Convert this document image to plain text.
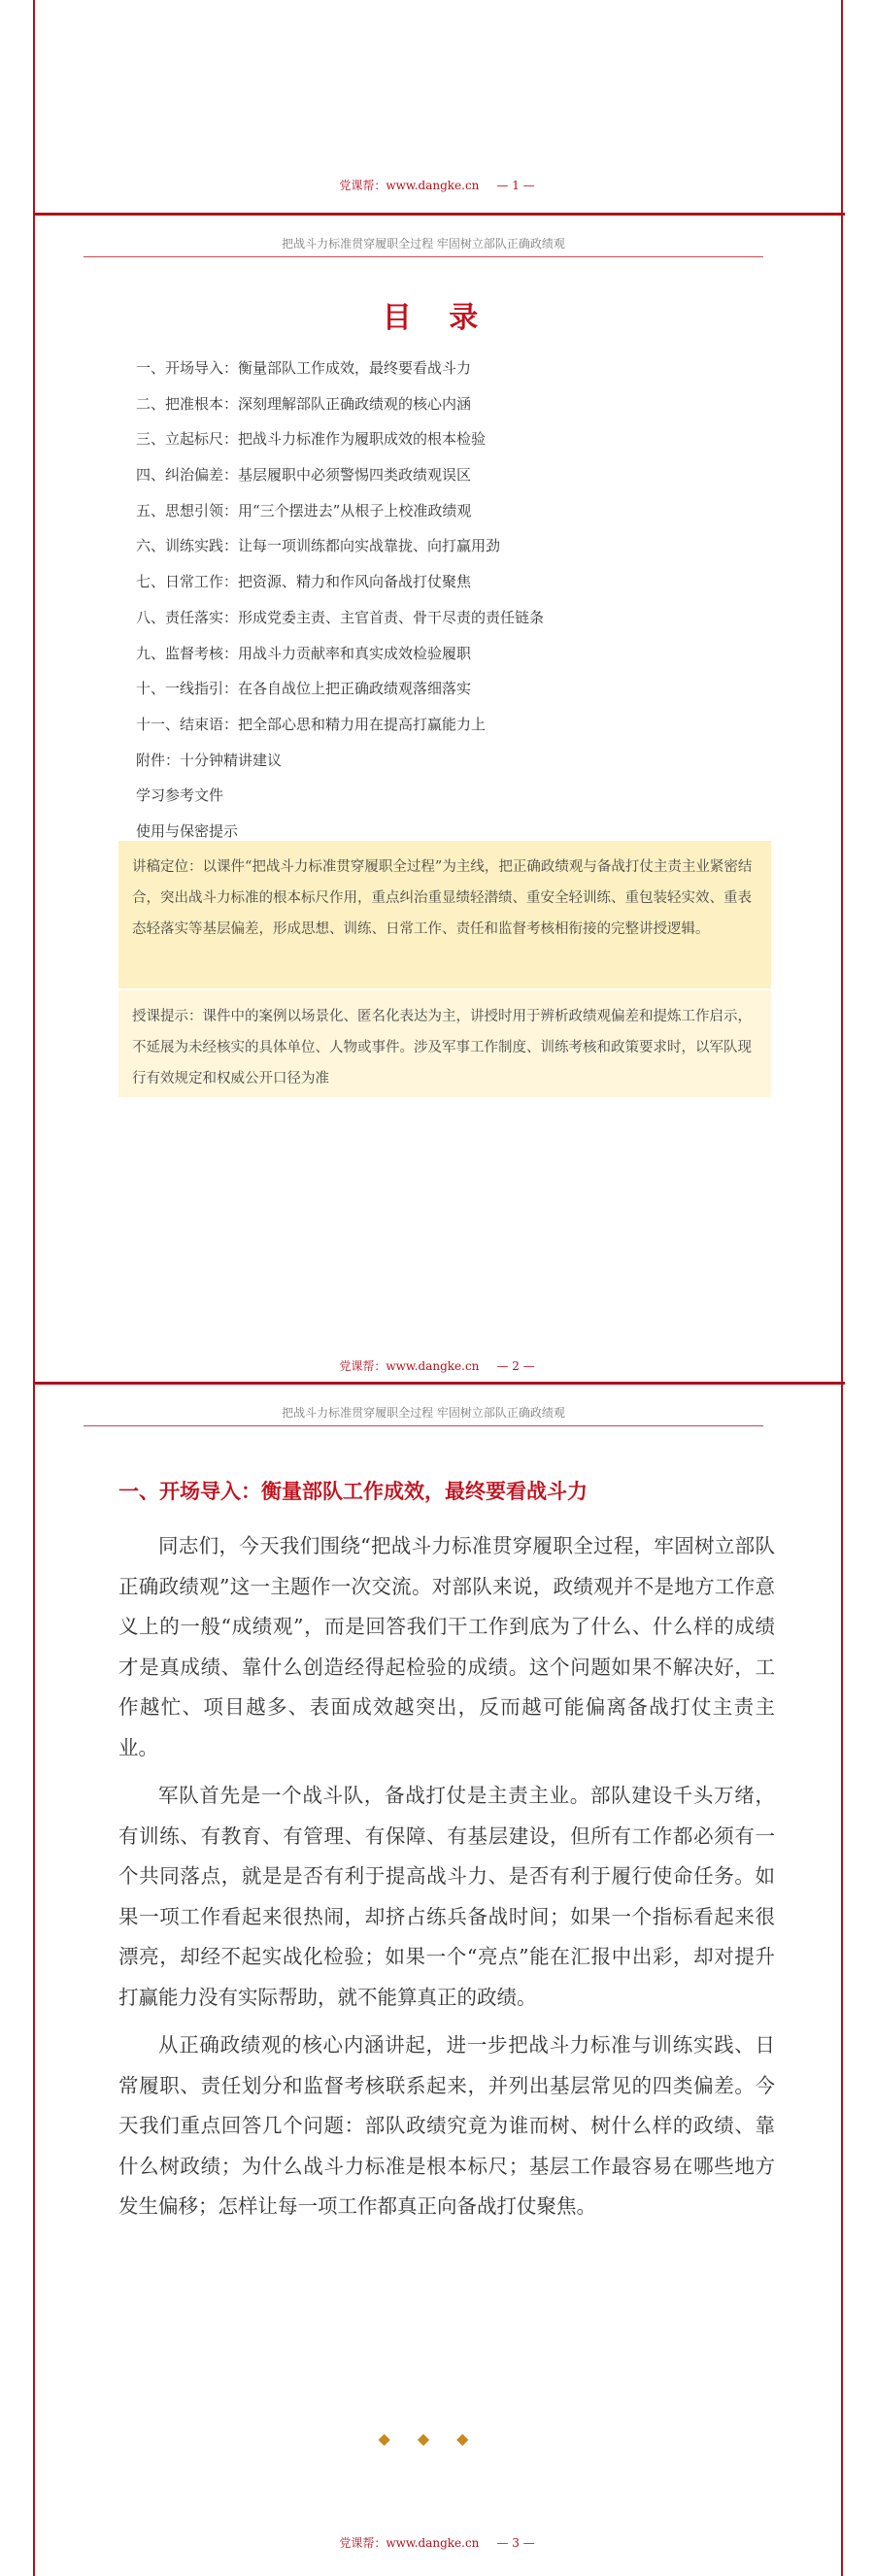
党课帮：www.dangke.cn — 1 —
把战斗力标准贯穿履职全过程 牢固树立部队正确政绩观
目 录
一、开场导入：衡量部队工作成效，最终要看战斗力
二、把准根本：深刻理解部队正确政绩观的核心内涵
三、立起标尺：把战斗力标准作为履职成效的根本检验
四、纠治偏差：基层履职中必须警惕四类政绩观误区
五、思想引领：用“三个摆进去”从根子上校准政绩观
六、训练实践：让每一项训练都向实战靠拢、向打赢用劲
七、日常工作：把资源、精力和作风向备战打仗聚焦
八、责任落实：形成党委主责、主官首责、骨干尽责的责任链条
九、监督考核：用战斗力贡献率和真实成效检验履职
十、一线指引：在各自战位上把正确政绩观落细落实
十一、结束语：把全部心思和精力用在提高打赢能力上
附件：十分钟精讲建议
学习参考文件
使用与保密提示
讲稿定位：以课件“把战斗力标准贯穿履职全过程”为主线，把正确政绩观与备战打仗主责主业紧密结合，突出战斗力标准的根本标尺作用，重点纠治重显绩轻潜绩、重安全轻训练、重包装轻实效、重表态轻落实等基层偏差，形成思想、训练、日常工作、责任和监督考核相衔接的完整讲授逻辑。
授课提示：课件中的案例以场景化、匿名化表达为主，讲授时用于辨析政绩观偏差和提炼工作启示，不延展为未经核实的具体单位、人物或事件。涉及军事工作制度、训练考核和政策要求时，以军队现行有效规定和权威公开口径为准
党课帮：www.dangke.cn — 2 —
把战斗力标准贯穿履职全过程 牢固树立部队正确政绩观
一、开场导入：衡量部队工作成效，最终要看战斗力

同志们，今天我们围绕“把战斗力标准贯穿履职全过程，牢固树立部队正确政绩观”这一主题作一次交流。对部队来说，政绩观并不是地方工作意义上的一般“成绩观”，而是回答我们干工作到底为了什么、什么样的成绩才是真成绩、靠什么创造经得起检验的成绩。这个问题如果不解决好，工作越忙、项目越多、表面成效越突出，反而越可能偏离备战打仗主责主业。

军队首先是一个战斗队，备战打仗是主责主业。部队建设千头万绪，有训练、有教育、有管理、有保障、有基层建设，但所有工作都必须有一个共同落点，就是是否有利于提高战斗力、是否有利于履行使命任务。如果一项工作看起来很热闹，却挤占练兵备战时间；如果一个指标看起来很漂亮，却经不起实战化检验；如果一个“亮点”能在汇报中出彩，却对提升打赢能力没有实际帮助，就不能算真正的政绩。

从正确政绩观的核心内涵讲起，进一步把战斗力标准与训练实践、日常履职、责任划分和监督考核联系起来，并列出基层常见的四类偏差。今天我们重点回答几个问题：部队政绩究竟为谁而树、树什么样的政绩、靠什么树政绩；为什么战斗力标准是根本标尺；基层工作最容易在哪些地方发生偏移；怎样让每一项工作都真正向备战打仗聚焦。

◆◆◆
党课帮：www.dangke.cn — 3 —
